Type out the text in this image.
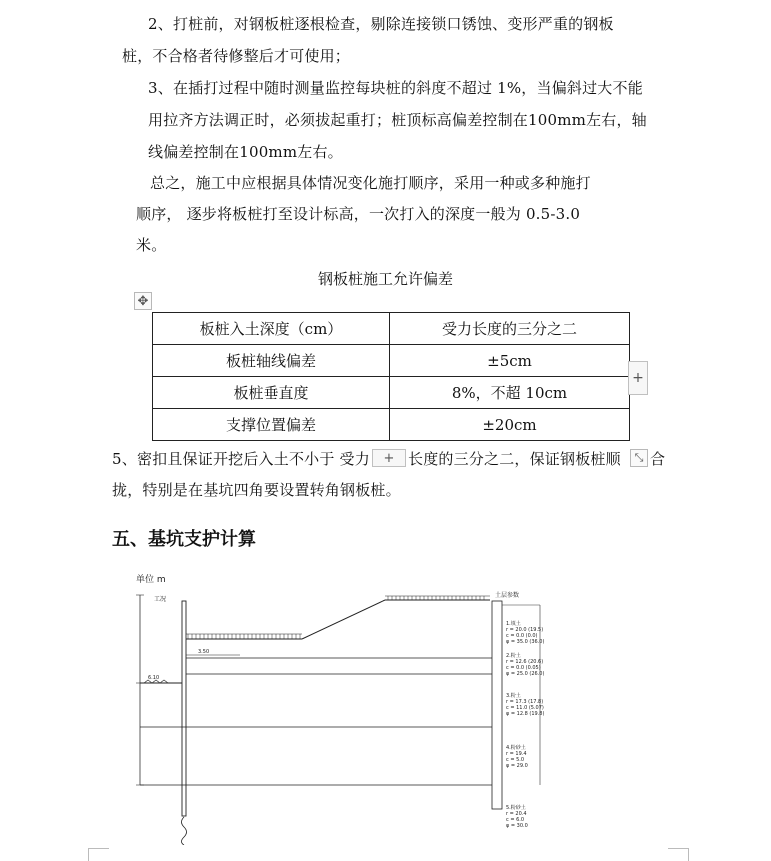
2、打桩前，对钢板桩逐根检查，剔除连接锁口锈蚀、变形严重的钢板
桩，不合格者待修整后才可使用；
3、在插打过程中随时测量监控每块桩的斜度不超过 1%，当偏斜过大不能
用拉齐方法调正时，必须拔起重打；桩顶标高偏差控制在100mm左右，轴
线偏差控制在100mm左右。
总之，施工中应根据具体情况变化施打顺序，采用一种或多种施打
顺序， 逐步将板桩打至设计标高，一次打入的深度一般为 0.5-3.0
米。
钢板桩施工允许偏差
✥
板桩入土深度（cm）	受力长度的三分之二
板桩轴线偏差	±5cm
板桩垂直度	8%，不超 10cm
支撑位置偏差	±20cm
+
5、密扣且保证开挖后入土不小于 受力	+ 长度的三分之二，保证钢板桩顺	⤡ 合
拢，特别是在基坑四角要设置转角钢板桩。
五、基坑支护计算
单位 m
工况
土层参数
6.10
3.50
1.填土
r = 20.0 (19.5)
c = 0.0 (0.0)
φ = 35.0 (36.0)
2.粉土
r = 12.6 (20.6)
c = 0.0 (0.05)
φ = 25.0 (26.0)
3.粉土
r = 17.3 (17.8)
c = 11.0 (5.07)
φ = 12.8 (19.8)
4.粉砂土
r = 19.4
c = 5.0
φ = 29.0
5.粉砂土
r = 20.4
c = 6.0
φ = 30.0
